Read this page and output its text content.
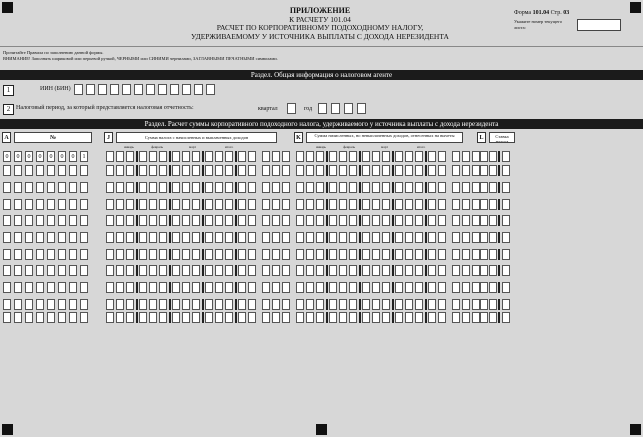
ПРИЛОЖЕНИЕ
К РАСЧЕТУ 101.04
РАСЧЕТ ПО КОРПОРАТИВНОМУ ПОДОХОДНОМУ НАЛОГУ,
УДЕРЖИВАЕМОМУ У ИСТОЧНИКА ВЫПЛАТЫ С ДОХОДА НЕРЕЗИДЕНТА
Форма 101.04 Стр. 03
Укажите номер текущего листа:
Прочитайте Правила по заполнению данной формы.
ВНИМАНИЕ! Заполнять шариковой или перьевой ручкой, ЧЕРНЫМИ или СИНИМИ чернилами, ЗАГЛАВНЫМИ ПЕЧАТНЫМИ символами.
Раздел. Общая информация о налоговом агенте
1	ИИН (БИН)
2 Налоговый период, за который представляется налоговая отчетность:	квартал	год
Раздел. Расчет суммы корпоративного подоходного налога, удерживаемого у источника выплаты с дохода нерезидента
A	№	J	Сумма налога с начисленных и выплаченных доходов	K	Сумма начисленных, но невыплаченных доходов, отнесенных на вычеты	L	Ставка налога
январь	февраль	март	итого	январь	февраль	март	итого
0	0	0	0	0	0	0	1
